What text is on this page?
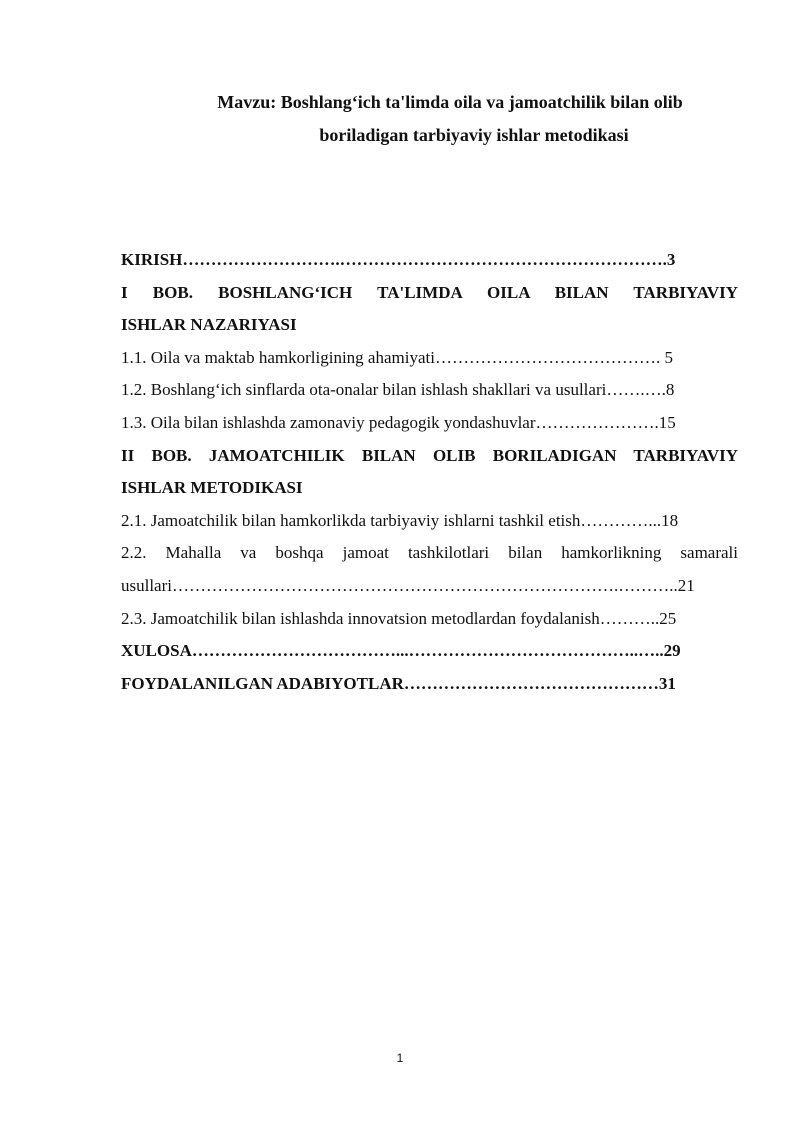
Mavzu: Boshlang‘ich ta'limda oila va jamoatchilik bilan olib
boriladigan tarbiyaviy ishlar metodikasi
KIRISH……………………….………………………………………………….3
I BOB. BOSHLANG‘ICH TA'LIMDA OILA BILAN TARBIYAVIY
ISHLAR NAZARIYASI
1.1. Oila va maktab hamkorligining ahamiyati…………………………………. 5
1.2. Boshlang‘ich sinflarda ota-onalar bilan ishlash shakllari va usullari…….….8
1.3. Oila bilan ishlashda zamonaviy pedagogik yondashuvlar………………….15
II BOB. JAMOATCHILIK BILAN OLIB BORILADIGAN TARBIYAVIY
ISHLAR METODIKASI
2.1. Jamoatchilik bilan hamkorlikda tarbiyaviy ishlarni tashkil etish…………...18
2.2. Mahalla va boshqa jamoat tashkilotlari bilan hamkorlikning samarali
usullari…………………………………………………………………….………..21
2.3. Jamoatchilik bilan ishlashda innovatsion metodlardan foydalanish………..25
XULOSA………………………………...…………………………………..…..29
FOYDALANILGAN ADABIYOTLAR………………………………………31
1
